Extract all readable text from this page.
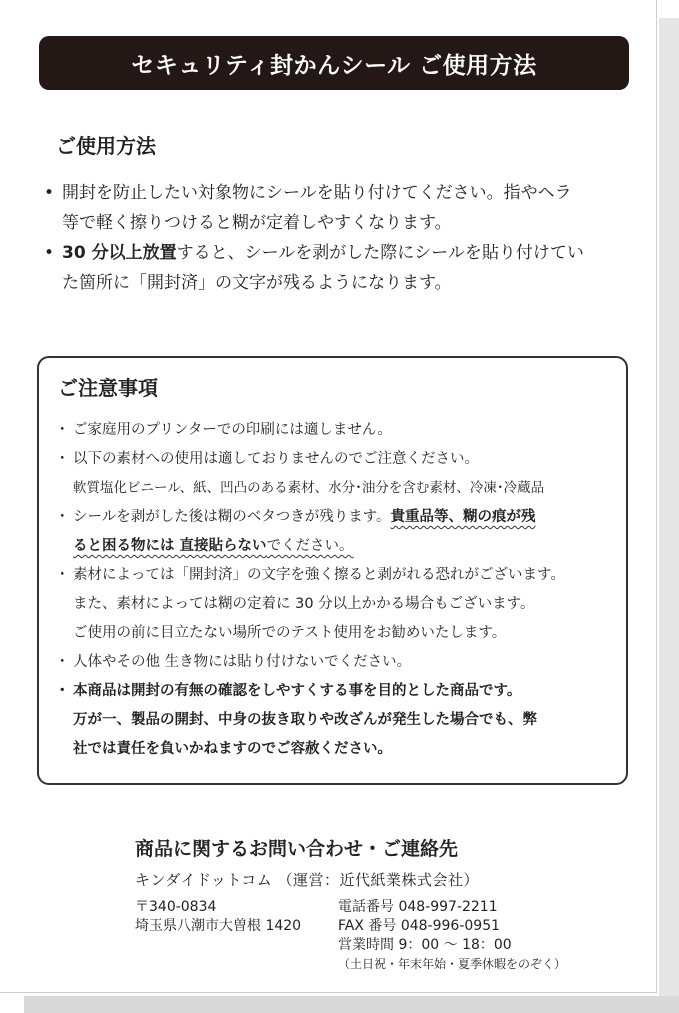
セキュリティ封かんシール ご使用方法
ご使用方法
• 開封を防止したい対象物にシールを貼り付けてください。指やヘラ
等で軽く擦りつけると糊が定着しやすくなります。
• 30 分以上放置すると、シールを剥がした際にシールを貼り付けてい
た箇所に「開封済」の文字が残るようになります。
ご注意事項
・ ご家庭用のプリンターでの印刷には適しません。
・ 以下の素材への使用は適しておりませんのでご注意ください。
軟質塩化ビニール、紙、凹凸のある素材、水分･油分を含む素材、冷凍･冷蔵品
・ シールを剥がした後は糊のベタつきが残ります。貴重品等、糊の痕が残
ると困る物には 直接貼らないでください。
・ 素材によっては「開封済」の文字を強く擦ると剥がれる恐れがございます。
また、素材によっては糊の定着に 30 分以上かかる場合もございます。
ご使用の前に目立たない場所でのテスト使用をお勧めいたします。
・ 人体やその他 生き物には貼り付けないでください。
・ 本商品は開封の有無の確認をしやすくする事を目的とした商品です。
万が一、製品の開封、中身の抜き取りや改ざんが発生した場合でも、弊
社では責任を負いかねますのでご容赦ください。
商品に関するお問い合わせ・ご連絡先
キンダイドットコム （運営：近代紙業株式会社）
〒340-0834
埼玉県八潮市大曽根 1420
電話番号 048-997-2211
FAX 番号 048-996-0951
営業時間 9：00 ～ 18：00
（土日祝・年末年始・夏季休暇をのぞく）
